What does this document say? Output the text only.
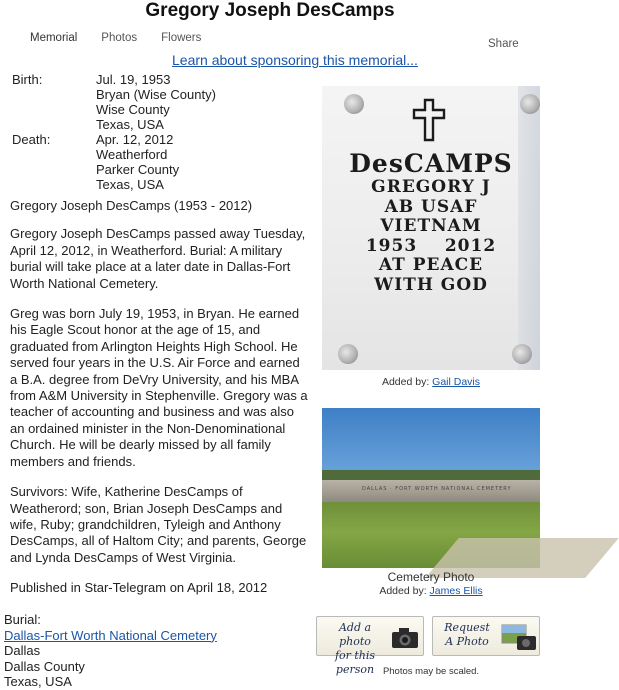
Gregory Joseph DesCamps
Memorial Photos Flowers	Share
Learn about sponsoring this memorial...
Birth:	Jul. 19, 1953
Bryan (Wise County)
Wise County
Texas, USA
Death:	Apr. 12, 2012
Weatherford
Parker County
Texas, USA

Gregory Joseph DesCamps (1953 - 2012)

Gregory Joseph DesCamps passed away Tuesday, April 12, 2012, in Weatherford. Burial: A military burial will take place at a later date in Dallas-Fort Worth National Cemetery.

Greg was born July 19, 1953, in Bryan. He earned his Eagle Scout honor at the age of 15, and graduated from Arlington Heights High School. He served four years in the U.S. Air Force and earned a B.A. degree from DeVry University, and his MBA from A&M University in Stephenville. Gregory was a teacher of accounting and business and was also an ordained minister in the Non-Denominational Church. He will be dearly missed by all family members and friends.

Survivors: Wife, Katherine DesCamps of Weatherord; son, Brian Joseph DesCamps and wife, Ruby; grandchildren, Tyleigh and Anthony DesCamps, all of Haltom City; and parents, George and Lynda DesCamps of West Virginia.

Published in Star-Telegram on April 18, 2012

Burial:
Dallas-Fort Worth National Cemetery
Dallas
Dallas County
Texas, USA
DesCAMPS
GREGORY J
AB USAF
VIETNAM
1953    2012
AT PEACE
WITH GOD
Added by: Gail Davis
DALLAS · FORT WORTH NATIONAL CEMETERY
Cemetery Photo
Added by: James Ellis
Add a photo
for this person
Request
A Photo
Photos may be scaled.
